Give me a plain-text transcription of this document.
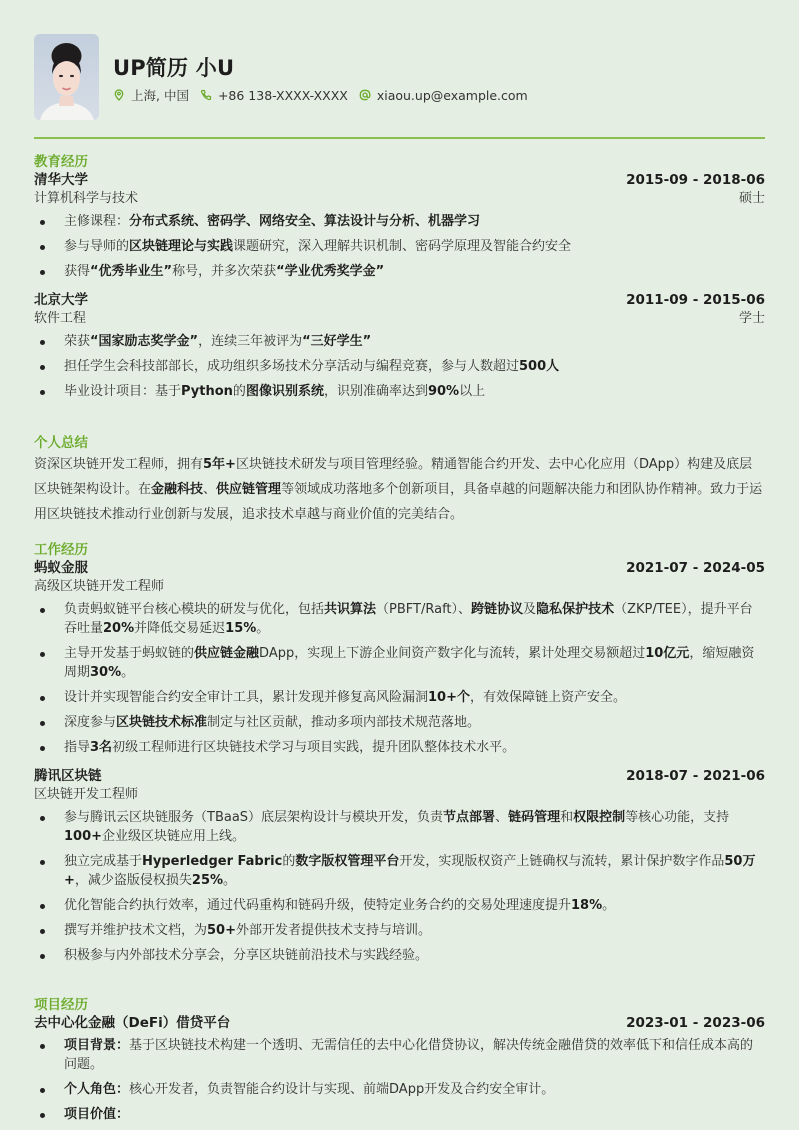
UP简历 小U
上海, 中国 +86 138-XXXX-XXXX xiaou.up@example.com
教育经历
清华大学	2015-09 - 2018-06
计算机科学与技术	硕士
主修课程：分布式系统、密码学、网络安全、算法设计与分析、机器学习
参与导师的区块链理论与实践课题研究，深入理解共识机制、密码学原理及智能合约安全
获得“优秀毕业生”称号，并多次荣获“学业优秀奖学金”
北京大学	2011-09 - 2015-06
软件工程	学士
荣获“国家励志奖学金”，连续三年被评为“三好学生”
担任学生会科技部部长，成功组织多场技术分享活动与编程竞赛，参与人数超过500人
毕业设计项目：基于Python的图像识别系统，识别准确率达到90%以上
个人总结
资深区块链开发工程师，拥有5年+区块链技术研发与项目管理经验。精通智能合约开发、去中心化应用（DApp）构建及底层区块链架构设计。在金融科技、供应链管理等领域成功落地多个创新项目，具备卓越的问题解决能力和团队协作精神。致力于运用区块链技术推动行业创新与发展，追求技术卓越与商业价值的完美结合。
工作经历
蚂蚁金服	2021-07 - 2024-05
高级区块链开发工程师
负责蚂蚁链平台核心模块的研发与优化，包括共识算法（PBFT/Raft）、跨链协议及隐私保护技术（ZKP/TEE），提升平台吞吐量20%并降低交易延迟15%。
主导开发基于蚂蚁链的供应链金融DApp，实现上下游企业间资产数字化与流转，累计处理交易额超过10亿元，缩短融资周期30%。
设计并实现智能合约安全审计工具，累计发现并修复高风险漏洞10+个，有效保障链上资产安全。
深度参与区块链技术标准制定与社区贡献，推动多项内部技术规范落地。
指导3名初级工程师进行区块链技术学习与项目实践，提升团队整体技术水平。
腾讯区块链	2018-07 - 2021-06
区块链开发工程师
参与腾讯云区块链服务（TBaaS）底层架构设计与模块开发，负责节点部署、链码管理和权限控制等核心功能，支持100+企业级区块链应用上线。
独立完成基于Hyperledger Fabric的数字版权管理平台开发，实现版权资产上链确权与流转，累计保护数字作品50万+，减少盗版侵权损失25%。
优化智能合约执行效率，通过代码重构和链码升级，使特定业务合约的交易处理速度提升18%。
撰写并维护技术文档，为50+外部开发者提供技术支持与培训。
积极参与内外部技术分享会，分享区块链前沿技术与实践经验。
项目经历
去中心化金融（DeFi）借贷平台	2023-01 - 2023-06
项目背景：基于区块链技术构建一个透明、无需信任的去中心化借贷协议，解决传统金融借贷的效率低下和信任成本高的问题。
个人角色：核心开发者，负责智能合约设计与实现、前端DApp开发及合约安全审计。
项目价值：
